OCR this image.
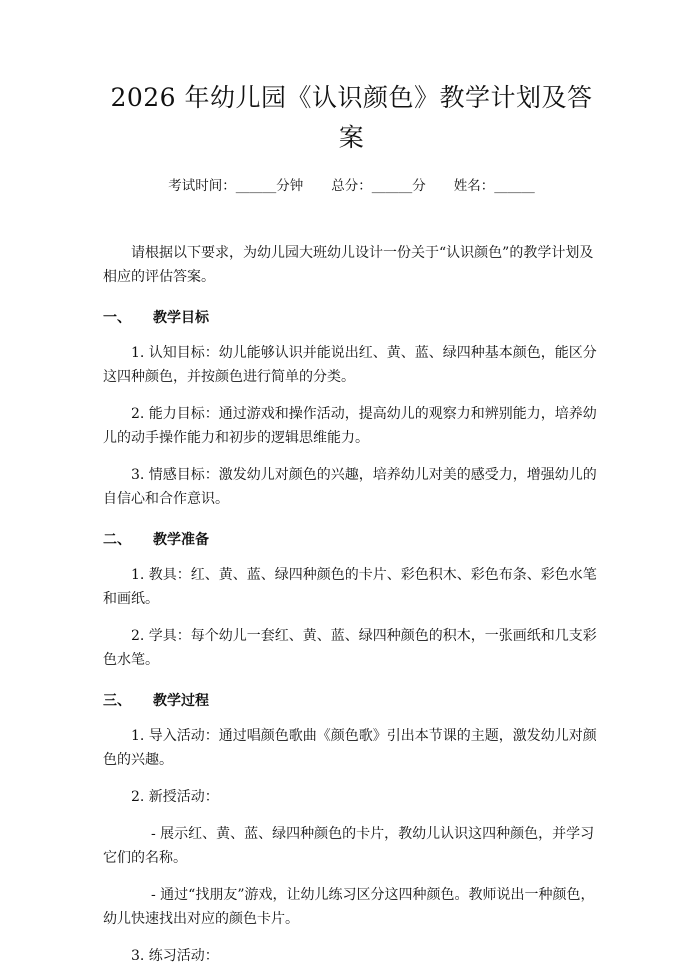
2026 年幼儿园《认识颜色》教学计划及答案
考试时间：______分钟 总分：______分 姓名：______

请根据以下要求，为幼儿园大班幼儿设计一份关于“认识颜色”的教学计划及相应的评估答案。

一、 教学目标

1. 认知目标：幼儿能够认识并能说出红、黄、蓝、绿四种基本颜色，能区分这四种颜色，并按颜色进行简单的分类。

2. 能力目标：通过游戏和操作活动，提高幼儿的观察力和辨别能力，培养幼儿的动手操作能力和初步的逻辑思维能力。

3. 情感目标：激发幼儿对颜色的兴趣，培养幼儿对美的感受力，增强幼儿的自信心和合作意识。

二、 教学准备

1. 教具：红、黄、蓝、绿四种颜色的卡片、彩色积木、彩色布条、彩色水笔和画纸。

2. 学具：每个幼儿一套红、黄、蓝、绿四种颜色的积木，一张画纸和几支彩色水笔。

三、 教学过程

1. 导入活动：通过唱颜色歌曲《颜色歌》引出本节课的主题，激发幼儿对颜色的兴趣。

2. 新授活动：

- 展示红、黄、蓝、绿四种颜色的卡片，教幼儿认识这四种颜色，并学习它们的名称。

- 通过“找朋友”游戏，让幼儿练习区分这四种颜色。教师说出一种颜色，幼儿快速找出对应的颜色卡片。

3. 练习活动：
